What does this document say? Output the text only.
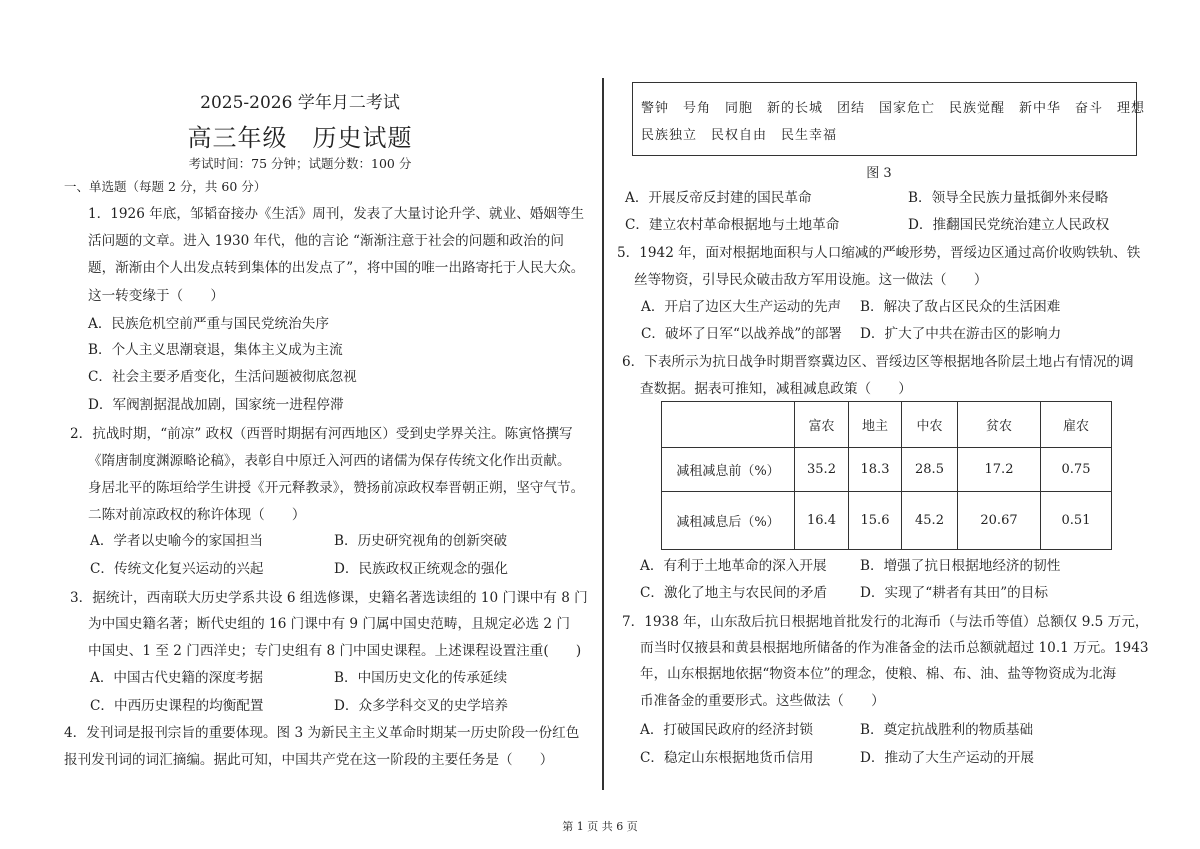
2025-2026 学年月二考试
高三年级　历史试题
考试时间：75 分钟；试题分数：100 分
一、单选题（每题 2 分，共 60 分）
1．1926 年底，邹韬奋接办《生活》周刊，发表了大量讨论升学、就业、婚姻等生
活问题的文章。进入 1930 年代，他的言论 “渐渐注意于社会的问题和政治的问
题，渐渐由个人出发点转到集体的出发点了”，将中国的唯一出路寄托于人民大众。
这一转变缘于（　　）
A．民族危机空前严重与国民党统治失序
B．个人主义思潮衰退，集体主义成为主流
C．社会主要矛盾变化，生活问题被彻底忽视
D．军阀割据混战加剧，国家统一进程停滞
2．抗战时期，“前凉” 政权（西晋时期据有河西地区）受到史学界关注。陈寅恪撰写
《隋唐制度渊源略论稿》，表彰自中原迁入河西的诸儒为保存传统文化作出贡献。
身居北平的陈垣给学生讲授《开元释教录》，赞扬前凉政权奉晋朝正朔，坚守气节。
二陈对前凉政权的称许体现（　　）
A．学者以史喻今的家国担当	B．历史研究视角的创新突破
C．传统文化复兴运动的兴起	D．民族政权正统观念的强化
3．据统计，西南联大历史学系共设 6 组选修课，史籍名著选读组的 10 门课中有 8 门
为中国史籍名著；断代史组的 16 门课中有 9 门属中国史范畴，且规定必选 2 门
中国史、1 至 2 门西洋史；专门史组有 8 门中国史课程。上述课程设置注重(　　)
A．中国古代史籍的深度考据	B．中国历史文化的传承延续
C．中西历史课程的均衡配置	D．众多学科交叉的史学培养
4．发刊词是报刊宗旨的重要体现。图 3 为新民主主义革命时期某一历史阶段一份红色
报刊发刊词的词汇摘编。据此可知，中国共产党在这一阶段的主要任务是（　　）
警钟　号角　同胞　新的长城　团结　国家危亡　民族觉醒　新中华　奋斗　理想
民族独立　民权自由　民生幸福
图 3
A．开展反帝反封建的国民革命	B．领导全民族力量抵御外来侵略
C．建立农村革命根据地与土地革命	D．推翻国民党统治建立人民政权
5．1942 年，面对根据地面积与人口缩减的严峻形势，晋绥边区通过高价收购铁轨、铁
丝等物资，引导民众破击敌方军用设施。这一做法（　　）
A．开启了边区大生产运动的先声 B．解决了敌占区民众的生活困难
C．破坏了日军“以战养战”的部署 D．扩大了中共在游击区的影响力
6．下表所示为抗日战争时期晋察冀边区、晋绥边区等根据地各阶层土地占有情况的调
查数据。据表可推知，减租减息政策（　　）
	富农	地主	中农	贫农	雇农
减租减息前（%）	35.2	18.3	28.5	17.2	0.75
减租减息后（%）	16.4	15.6	45.2	20.67	0.51
A．有利于土地革命的深入开展 B．增强了抗日根据地经济的韧性
C．激化了地主与农民间的矛盾 D．实现了“耕者有其田”的目标
7．1938 年，山东敌后抗日根据地首批发行的北海币（与法币等值）总额仅 9.5 万元，
而当时仅掖县和黄县根据地所储备的作为准备金的法币总额就超过 10.1 万元。1943
年，山东根据地依据“物资本位”的理念，使粮、棉、布、油、盐等物资成为北海
币准备金的重要形式。这些做法（　　）
A．打破国民政府的经济封锁	B．奠定抗战胜利的物质基础
C．稳定山东根据地货币信用	D．推动了大生产运动的开展
第 1 页 共 6 页
